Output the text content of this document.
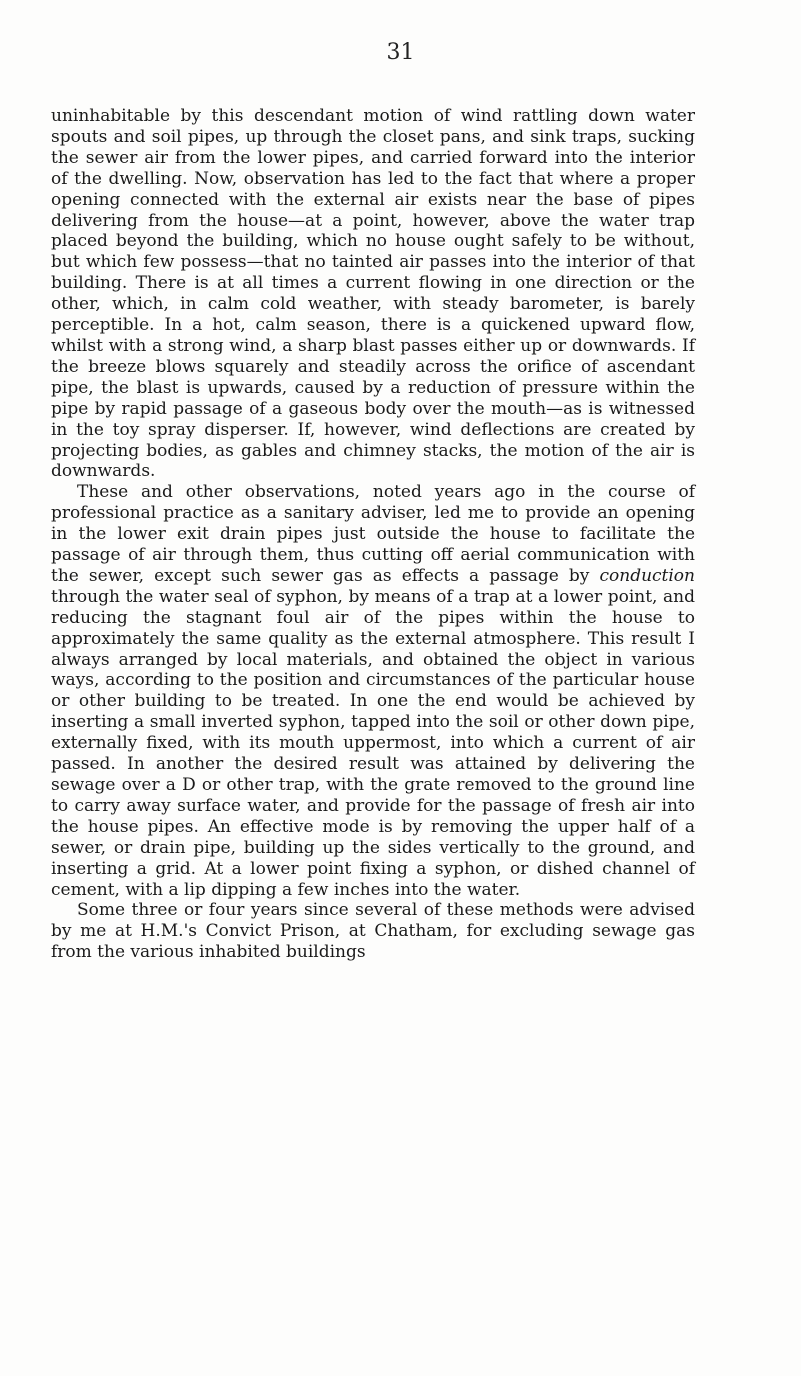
31

uninhabitable by this descendant motion of wind rattling down water spouts and soil pipes, up through the closet pans, and sink traps, sucking the sewer air from the lower pipes, and carried forward into the interior of the dwelling. Now, observation has led to the fact that where a proper opening connected with the external air exists near the base of pipes delivering from the house—at a point, however, above the water trap placed beyond the building, which no house ought safely to be without, but which few possess—that no tainted air passes into the interior of that building. There is at all times a current flowing in one direction or the other, which, in calm cold weather, with steady barometer, is barely perceptible. In a hot, calm season, there is a quickened upward flow, whilst with a strong wind, a sharp blast passes either up or downwards. If the breeze blows squarely and steadily across the orifice of ascendant pipe, the blast is upwards, caused by a reduction of pressure within the pipe by rapid passage of a gaseous body over the mouth—as is witnessed in the toy spray disperser. If, however, wind deflections are created by projecting bodies, as gables and chimney stacks, the motion of the air is downwards.

These and other observations, noted years ago in the course of professional practice as a sanitary adviser, led me to provide an opening in the lower exit drain pipes just outside the house to facilitate the passage of air through them, thus cutting off aerial communication with the sewer, except such sewer gas as effects a passage by conduction through the water seal of syphon, by means of a trap at a lower point, and reducing the stagnant foul air of the pipes within the house to approximately the same quality as the external atmosphere. This result I always arranged by local materials, and obtained the object in various ways, according to the position and circumstances of the particular house or other building to be treated. In one the end would be achieved by inserting a small inverted syphon, tapped into the soil or other down pipe, externally fixed, with its mouth uppermost, into which a current of air passed. In another the desired result was attained by delivering the sewage over a D or other trap, with the grate removed to the ground line to carry away surface water, and provide for the passage of fresh air into the house pipes. An effective mode is by removing the upper half of a sewer, or drain pipe, building up the sides vertically to the ground, and inserting a grid. At a lower point fixing a syphon, or dished channel of cement, with a lip dipping a few inches into the water.

Some three or four years since several of these methods were advised by me at H.M.'s Convict Prison, at Chatham, for excluding sewage gas from the various inhabited buildings
